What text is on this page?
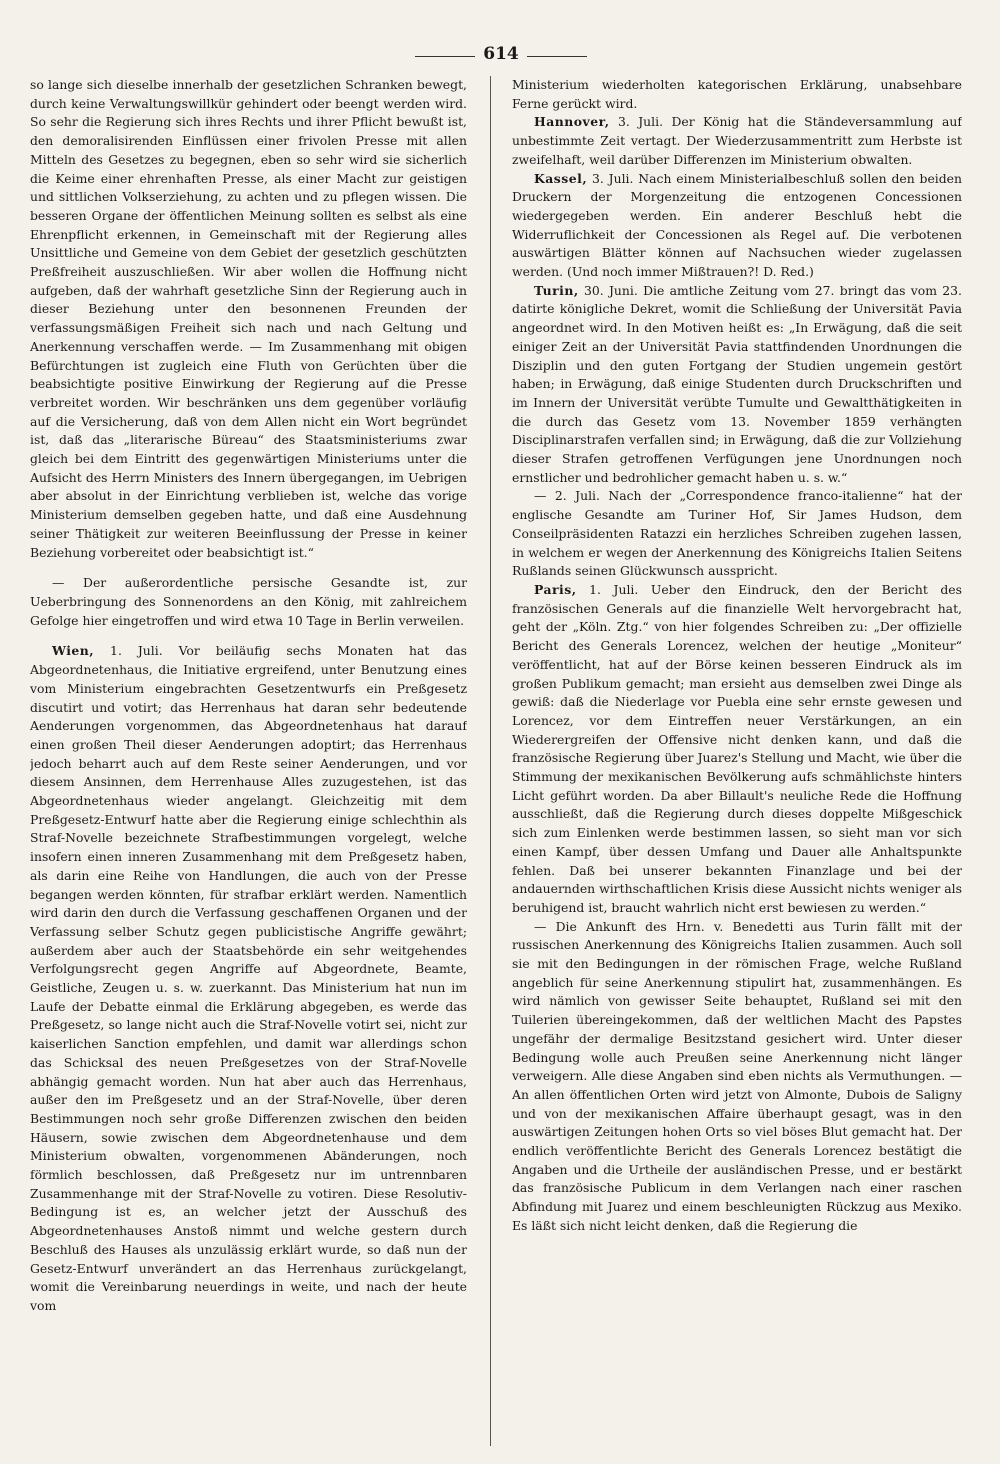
614

so lange sich dieselbe innerhalb der gesetzlichen Schranken bewegt, durch keine Verwaltungswillkür gehindert oder beengt werden wird. So sehr die Regierung sich ihres Rechts und ihrer Pflicht bewußt ist, den demoralisirenden Einflüssen einer frivolen Presse mit allen Mitteln des Gesetzes zu begegnen, eben so sehr wird sie sicherlich die Keime einer ehrenhaften Presse, als einer Macht zur geistigen und sittlichen Volkserziehung, zu achten und zu pflegen wissen. Die besseren Organe der öffentlichen Meinung sollten es selbst als eine Ehrenpflicht erkennen, in Gemeinschaft mit der Regierung alles Unsittliche und Gemeine von dem Gebiet der gesetzlich geschützten Preßfreiheit auszuschließen. Wir aber wollen die Hoffnung nicht aufgeben, daß der wahrhaft gesetzliche Sinn der Regierung auch in dieser Beziehung unter den besonnenen Freunden der verfassungsmäßigen Freiheit sich nach und nach Geltung und Anerkennung verschaffen werde. — Im Zusammenhang mit obigen Befürchtungen ist zugleich eine Fluth von Gerüchten über die beabsichtigte positive Einwirkung der Regierung auf die Presse verbreitet worden. Wir beschränken uns dem gegenüber vorläufig auf die Versicherung, daß von dem Allen nicht ein Wort begründet ist, daß das „literarische Büreau“ des Staatsministeriums zwar gleich bei dem Eintritt des gegenwärtigen Ministeriums unter die Aufsicht des Herrn Ministers des Innern übergegangen, im Uebrigen aber absolut in der Einrichtung verblieben ist, welche das vorige Ministerium demselben gegeben hatte, und daß eine Ausdehnung seiner Thätigkeit zur weiteren Beeinflussung der Presse in keiner Beziehung vorbereitet oder beabsichtigt ist.“

— Der außerordentliche persische Gesandte ist, zur Ueberbringung des Sonnenordens an den König, mit zahlreichem Gefolge hier eingetroffen und wird etwa 10 Tage in Berlin verweilen.

Wien, 1. Juli. Vor beiläufig sechs Monaten hat das Abgeordnetenhaus, die Initiative ergreifend, unter Benutzung eines vom Ministerium eingebrachten Gesetzentwurfs ein Preßgesetz discutirt und votirt; das Herrenhaus hat daran sehr bedeutende Aenderungen vorgenommen, das Abgeordnetenhaus hat darauf einen großen Theil dieser Aenderungen adoptirt; das Herrenhaus jedoch beharrt auch auf dem Reste seiner Aenderungen, und vor diesem Ansinnen, dem Herrenhause Alles zuzugestehen, ist das Abgeordnetenhaus wieder angelangt. Gleichzeitig mit dem Preßgesetz-Entwurf hatte aber die Regierung einige schlechthin als Straf-Novelle bezeichnete Strafbestimmungen vorgelegt, welche insofern einen inneren Zusammenhang mit dem Preßgesetz haben, als darin eine Reihe von Handlungen, die auch von der Presse begangen werden könnten, für strafbar erklärt werden. Namentlich wird darin den durch die Verfassung geschaffenen Organen und der Verfassung selber Schutz gegen publicistische Angriffe gewährt; außerdem aber auch der Staatsbehörde ein sehr weitgehendes Verfolgungsrecht gegen Angriffe auf Abgeordnete, Beamte, Geistliche, Zeugen u. s. w. zuerkannt. Das Ministerium hat nun im Laufe der Debatte einmal die Erklärung abgegeben, es werde das Preßgesetz, so lange nicht auch die Straf-Novelle votirt sei, nicht zur kaiserlichen Sanction empfehlen, und damit war allerdings schon das Schicksal des neuen Preßgesetzes von der Straf-Novelle abhängig gemacht worden. Nun hat aber auch das Herrenhaus, außer den im Preßgesetz und an der Straf-Novelle, über deren Bestimmungen noch sehr große Differenzen zwischen den beiden Häusern, sowie zwischen dem Abgeordnetenhause und dem Ministerium obwalten, vorgenommenen Abänderungen, noch förmlich beschlossen, daß Preßgesetz nur im untrennbaren Zusammenhange mit der Straf-Novelle zu votiren. Diese Resolutiv-Bedingung ist es, an welcher jetzt der Ausschuß des Abgeordnetenhauses Anstoß nimmt und welche gestern durch Beschluß des Hauses als unzulässig erklärt wurde, so daß nun der Gesetz-Entwurf unverändert an das Herrenhaus zurückgelangt, womit die Vereinbarung neuerdings in weite, und nach der heute vom

Ministerium wiederholten kategorischen Erklärung, unabsehbare Ferne gerückt wird.

Hannover, 3. Juli. Der König hat die Ständeversammlung auf unbestimmte Zeit vertagt. Der Wiederzusammentritt zum Herbste ist zweifelhaft, weil darüber Differenzen im Ministerium obwalten.

Kassel, 3. Juli. Nach einem Ministerialbeschluß sollen den beiden Druckern der Morgenzeitung die entzogenen Concessionen wiedergegeben werden. Ein anderer Beschluß hebt die Widerruflichkeit der Concessionen als Regel auf. Die verbotenen auswärtigen Blätter können auf Nachsuchen wieder zugelassen werden. (Und noch immer Mißtrauen?! D. Red.)

Turin, 30. Juni. Die amtliche Zeitung vom 27. bringt das vom 23. datirte königliche Dekret, womit die Schließung der Universität Pavia angeordnet wird. In den Motiven heißt es: „In Erwägung, daß die seit einiger Zeit an der Universität Pavia stattfindenden Unordnungen die Disziplin und den guten Fortgang der Studien ungemein gestört haben; in Erwägung, daß einige Studenten durch Druckschriften und im Innern der Universität verübte Tumulte und Gewaltthätigkeiten in die durch das Gesetz vom 13. November 1859 verhängten Disciplinarstrafen verfallen sind; in Erwägung, daß die zur Vollziehung dieser Strafen getroffenen Verfügungen jene Unordnungen noch ernstlicher und bedrohlicher gemacht haben u. s. w.“

— 2. Juli. Nach der „Correspondence franco-italienne“ hat der englische Gesandte am Turiner Hof, Sir James Hudson, dem Conseilpräsidenten Ratazzi ein herzliches Schreiben zugehen lassen, in welchem er wegen der Anerkennung des Königreichs Italien Seitens Rußlands seinen Glückwunsch ausspricht.

Paris, 1. Juli. Ueber den Eindruck, den der Bericht des französischen Generals auf die finanzielle Welt hervorgebracht hat, geht der „Köln. Ztg.“ von hier folgendes Schreiben zu: „Der offizielle Bericht des Generals Lorencez, welchen der heutige „Moniteur“ veröffentlicht, hat auf der Börse keinen besseren Eindruck als im großen Publikum gemacht; man ersieht aus demselben zwei Dinge als gewiß: daß die Niederlage vor Puebla eine sehr ernste gewesen und Lorencez, vor dem Eintreffen neuer Verstärkungen, an ein Wiederergreifen der Offensive nicht denken kann, und daß die französische Regierung über Juarez's Stellung und Macht, wie über die Stimmung der mexikanischen Bevölkerung aufs schmählichste hinters Licht geführt worden. Da aber Billault's neuliche Rede die Hoffnung ausschließt, daß die Regierung durch dieses doppelte Mißgeschick sich zum Einlenken werde bestimmen lassen, so sieht man vor sich einen Kampf, über dessen Umfang und Dauer alle Anhaltspunkte fehlen. Daß bei unserer bekannten Finanzlage und bei der andauernden wirthschaftlichen Krisis diese Aussicht nichts weniger als beruhigend ist, braucht wahrlich nicht erst bewiesen zu werden.“

— Die Ankunft des Hrn. v. Benedetti aus Turin fällt mit der russischen Anerkennung des Königreichs Italien zusammen. Auch soll sie mit den Bedingungen in der römischen Frage, welche Rußland angeblich für seine Anerkennung stipulirt hat, zusammenhängen. Es wird nämlich von gewisser Seite behauptet, Rußland sei mit den Tuilerien übereingekommen, daß der weltlichen Macht des Papstes ungefähr der dermalige Besitzstand gesichert wird. Unter dieser Bedingung wolle auch Preußen seine Anerkennung nicht länger verweigern. Alle diese Angaben sind eben nichts als Vermuthungen. — An allen öffentlichen Orten wird jetzt von Almonte, Dubois de Saligny und von der mexikanischen Affaire überhaupt gesagt, was in den auswärtigen Zeitungen hohen Orts so viel böses Blut gemacht hat. Der endlich veröffentlichte Bericht des Generals Lorencez bestätigt die Angaben und die Urtheile der ausländischen Presse, und er bestärkt das französische Publicum in dem Verlangen nach einer raschen Abfindung mit Juarez und einem beschleunigten Rückzug aus Mexiko. Es läßt sich nicht leicht denken, daß die Regierung die
